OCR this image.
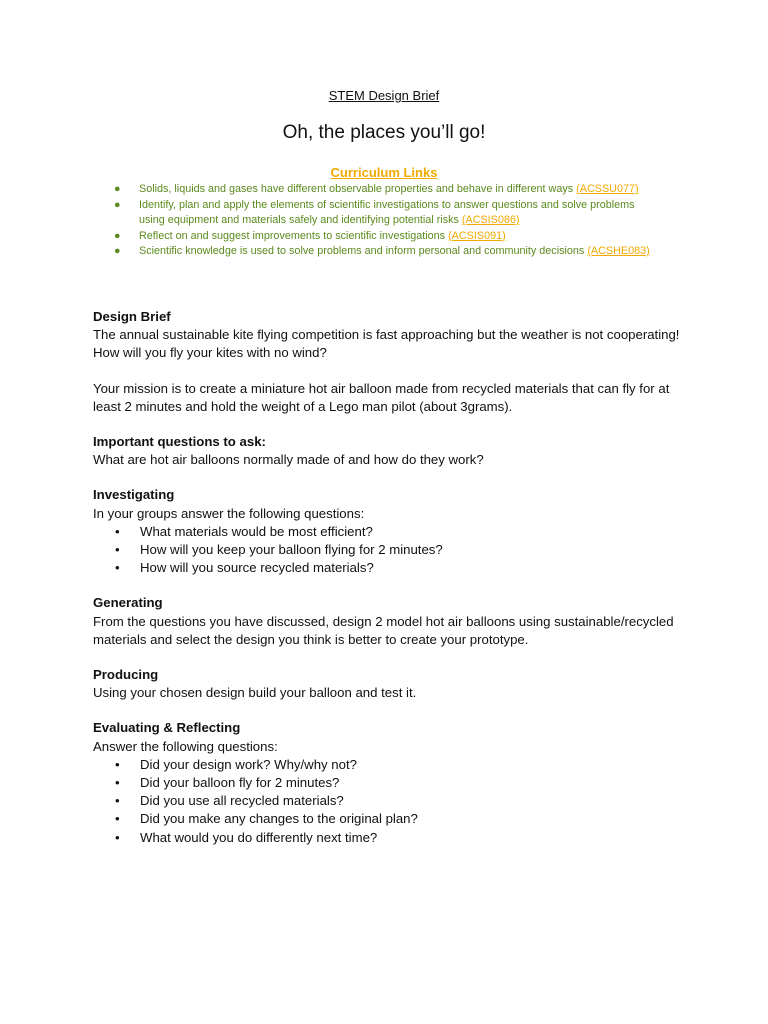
STEM Design Brief
Oh, the places you’ll go!
Curriculum Links
● Solids, liquids and gases have different observable properties and behave in different ways (ACSSU077)
● Identify, plan and apply the elements of scientific investigations to answer questions and solve problems using equipment and materials safely and identifying potential risks (ACSIS086)
● Reflect on and suggest improvements to scientific investigations (ACSIS091)
● Scientific knowledge is used to solve problems and inform personal and community decisions (ACSHE083)
Design Brief

The annual sustainable kite flying competition is fast approaching but the weather is not cooperating! How will you fly your kites with no wind?

Your mission is to create a miniature hot air balloon made from recycled materials that can fly for at least 2 minutes and hold the weight of a Lego man pilot (about 3grams).

Important questions to ask:

What are hot air balloons normally made of and how do they work?

Investigating

In your groups answer the following questions:

• What materials would be most efficient?
• How will you keep your balloon flying for 2 minutes?
• How will you source recycled materials?
Generating

From the questions you have discussed, design 2 model hot air balloons using sustainable/recycled materials and select the design you think is better to create your prototype.

Producing

Using your chosen design build your balloon and test it.

Evaluating & Reflecting

Answer the following questions:

• Did your design work? Why/why not?
• Did your balloon fly for 2 minutes?
• Did you use all recycled materials?
• Did you make any changes to the original plan?
• What would you do differently next time?
